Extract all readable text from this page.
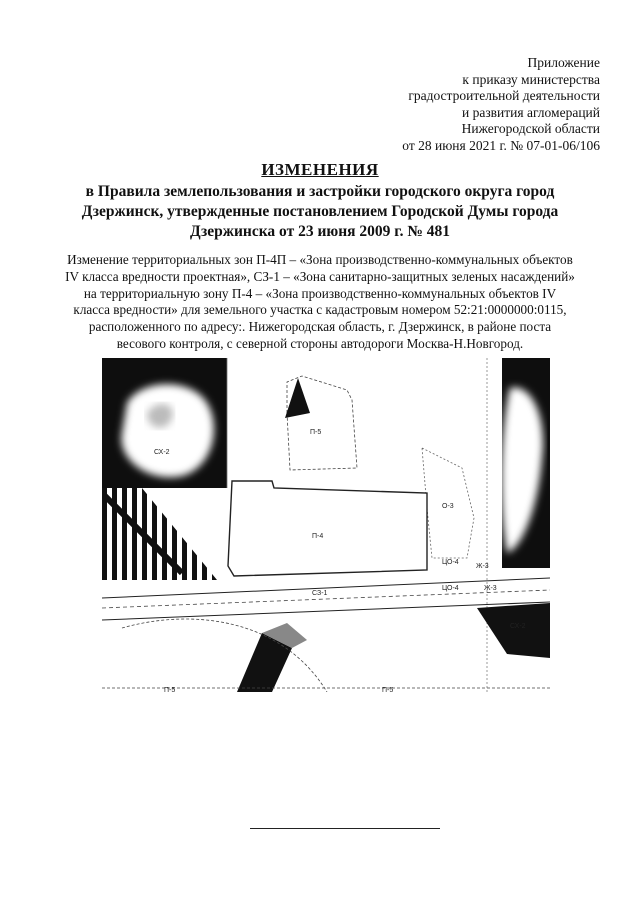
Приложение
к приказу министерства
градостроительной деятельности
и развития агломераций
Нижегородской области
от 28 июня 2021 г. № 07-01-06/106
ИЗМЕНЕНИЯ
в Правила землепользования и застройки городского округа город
Дзержинск, утвержденные постановлением Городской Думы города
Дзержинска от 23 июня 2009 г. № 481
Изменение территориальных зон П-4П – «Зона производственно-коммунальных объектов
IV класса вредности проектная», СЗ-1 – «Зона санитарно-защитных зеленых насаждений»
на территориальную зону П-4 – «Зона производственно-коммунальных объектов IV
класса вредности» для земельного участка с кадастровым номером 52:21:0000000:0115,
расположенного по адресу:. Нижегородская область, г. Дзержинск, в районе поста
весового контроля, с северной стороны автодороги Москва-Н.Новгород.
СХ-2
П-5
О-3
П-4
ЦО-4
Ж-3
СЗ-1
ЦО-4	Ж-3
СХ-2
П-5	П-5
